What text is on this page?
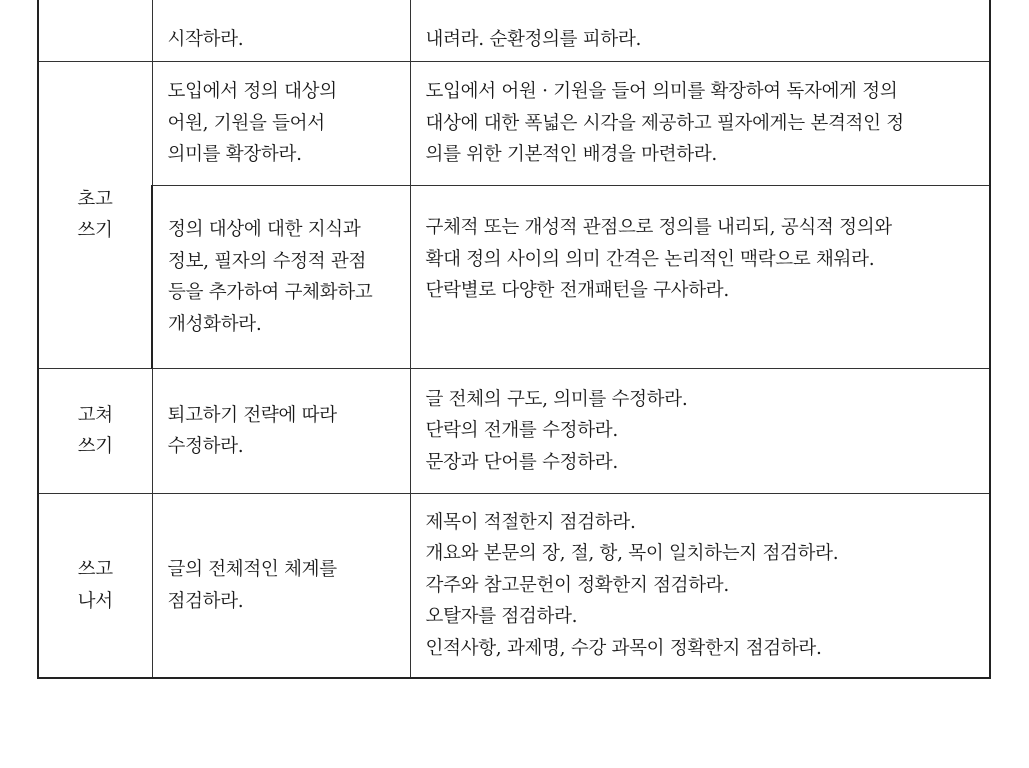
	시작하라.	내려라. 순환정의를 피하라.

초고
쓰기	도입에서 정의 대상의
어원, 기원을 들어서
의미를 확장하라.	도입에서 어원 · 기원을 들어 의미를 확장하여 독자에게 정의
대상에 대한 폭넓은 시각을 제공하고 필자에게는 본격적인 정
의를 위한 기본적인 배경을 마련하라.

	정의 대상에 대한 지식과
정보, 필자의 수정적 관점
등을 추가하여 구체화하고
개성화하라.	구체적 또는 개성적 관점으로 정의를 내리되, 공식적 정의와
확대 정의 사이의 의미 간격은 논리적인 맥락으로 채워라.
단락별로 다양한 전개패턴을 구사하라.

고쳐
쓰기	퇴고하기 전략에 따라
수정하라.	글 전체의 구도, 의미를 수정하라.
단락의 전개를 수정하라.
문장과 단어를 수정하라.

쓰고
나서	글의 전체적인 체계를
점검하라.	제목이 적절한지 점검하라.
개요와 본문의 장, 절, 항, 목이 일치하는지 점검하라.
각주와 참고문헌이 정확한지 점검하라.
오탈자를 점검하라.
인적사항, 과제명, 수강 과목이 정확한지 점검하라.
